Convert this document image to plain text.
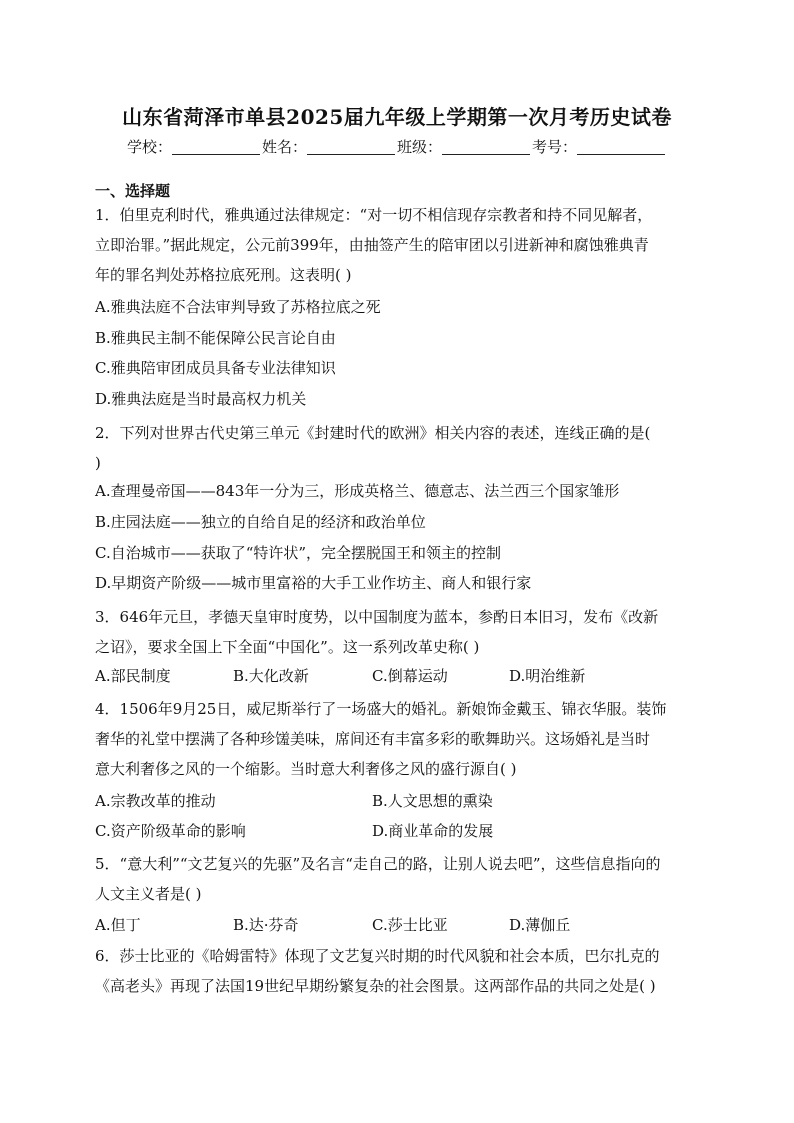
山东省菏泽市单县2025届九年级上学期第一次月考历史试卷
学校：	姓名：	班级：	考号：
一、选择题
1．伯里克利时代，雅典通过法律规定：“对一切不相信现存宗教者和持不同见解者，
立即治罪。”据此规定，公元前399年，由抽签产生的陪审团以引进新神和腐蚀雅典青
年的罪名判处苏格拉底死刑。这表明( )
A.雅典法庭不合法审判导致了苏格拉底之死
B.雅典民主制不能保障公民言论自由
C.雅典陪审团成员具备专业法律知识
D.雅典法庭是当时最高权力机关
2．下列对世界古代史第三单元《封建时代的欧洲》相关内容的表述，连线正确的是(
)
A.查理曼帝国——843年一分为三，形成英格兰、德意志、法兰西三个国家雏形
B.庄园法庭——独立的自给自足的经济和政治单位
C.自治城市——获取了“特许状”，完全摆脱国王和领主的控制
D.早期资产阶级——城市里富裕的大手工业作坊主、商人和银行家
3．646年元旦，孝德天皇审时度势，以中国制度为蓝本，参酌日本旧习，发布《改新
之诏》，要求全国上下全面“中国化”。这一系列改革史称( )
A.部民制度	B.大化改新	C.倒幕运动	D.明治维新
4．1506年9月25日，威尼斯举行了一场盛大的婚礼。新娘饰金戴玉、锦衣华服。装饰
奢华的礼堂中摆满了各种珍馐美味，席间还有丰富多彩的歌舞助兴。这场婚礼是当时
意大利奢侈之风的一个缩影。当时意大利奢侈之风的盛行源自( )
A.宗教改革的推动	B.人文思想的熏染
C.资产阶级革命的影响	D.商业革命的发展
5．“意大利”“文艺复兴的先驱”及名言“走自己的路，让别人说去吧”，这些信息指向的
人文主义者是( )
A.但丁	B.达·芬奇	C.莎士比亚	D.薄伽丘
6．莎士比亚的《哈姆雷特》体现了文艺复兴时期的时代风貌和社会本质，巴尔扎克的
《高老头》再现了法国19世纪早期纷繁复杂的社会图景。这两部作品的共同之处是( )
